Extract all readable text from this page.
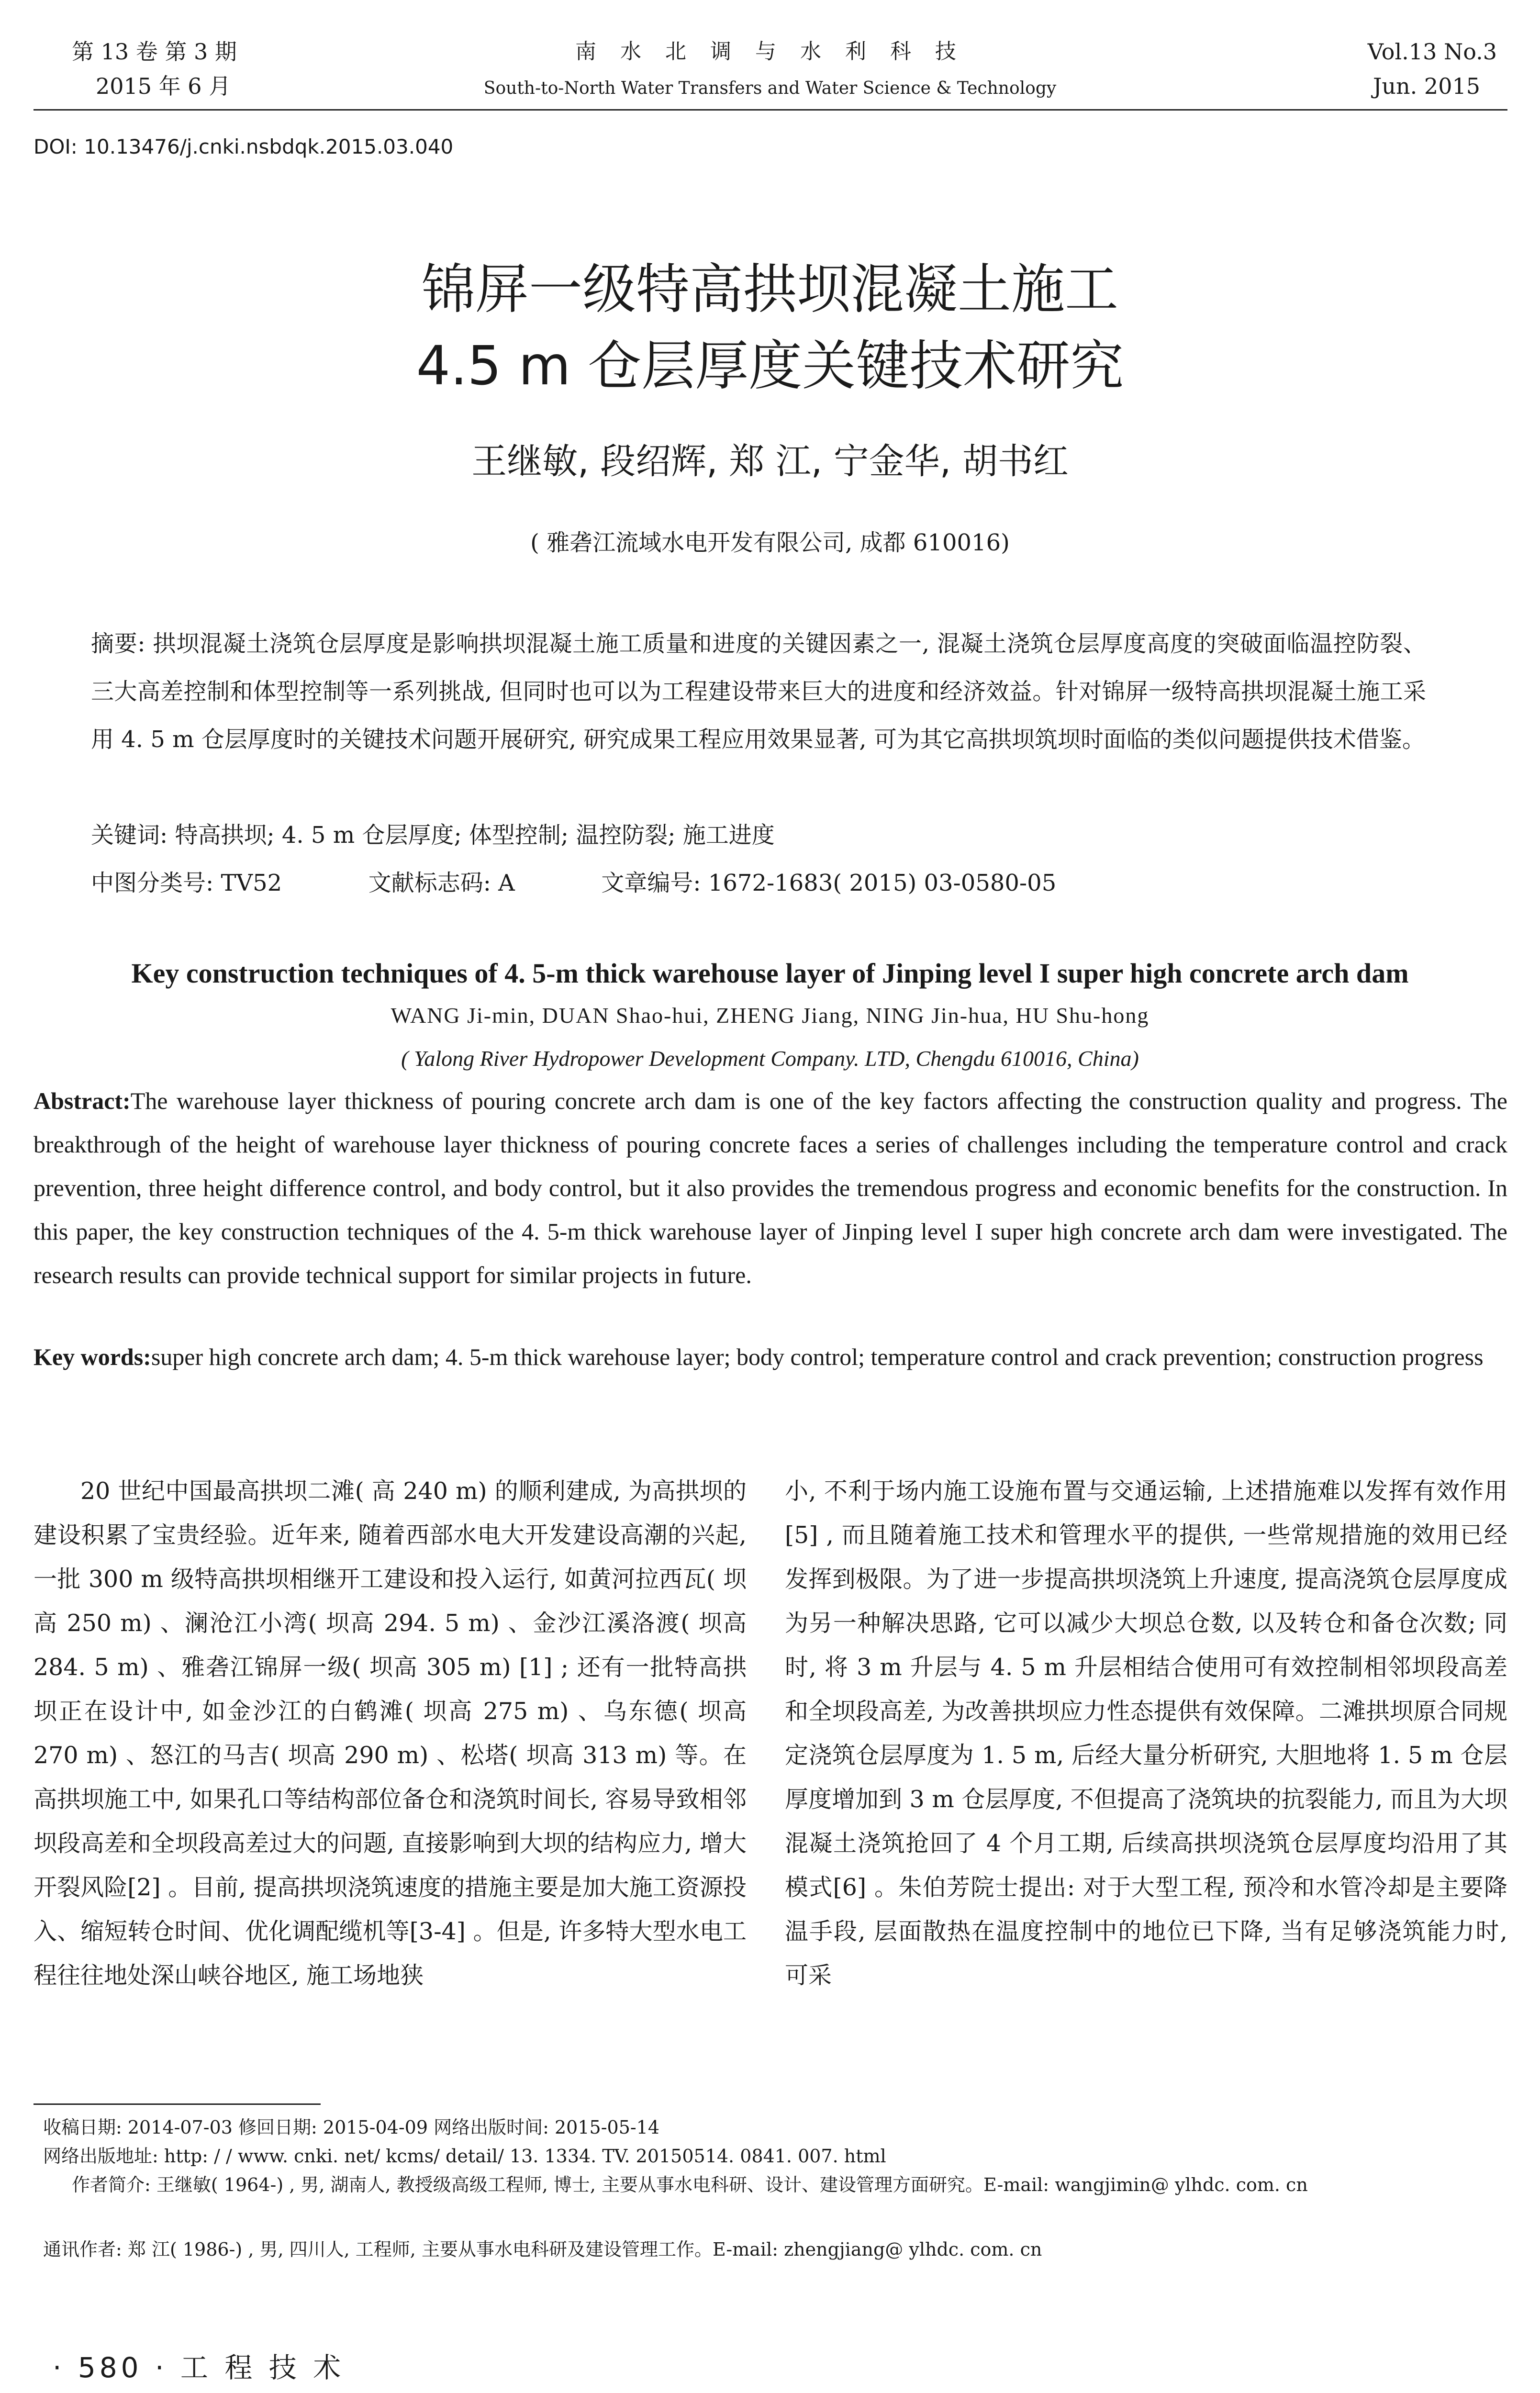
第 13 卷 第 3 期
2015 年 6 月
南 水 北 调 与 水 利 科 技
South-to-North Water Transfers and Water Science & Technology
Vol.13 No.3
Jun. 2015
DOI: 10.13476/j.cnki.nsbdqk.2015.03.040
锦屏一级特高拱坝混凝土施工
4.5 m 仓层厚度关键技术研究
王继敏, 段绍辉, 郑 江, 宁金华, 胡书红
( 雅砻江流域水电开发有限公司, 成都 610016)
摘要: 拱坝混凝土浇筑仓层厚度是影响拱坝混凝土施工质量和进度的关键因素之一, 混凝土浇筑仓层厚度高度的突破面临温控防裂、三大高差控制和体型控制等一系列挑战, 但同时也可以为工程建设带来巨大的进度和经济效益。针对锦屏一级特高拱坝混凝土施工采用 4. 5 m 仓层厚度时的关键技术问题开展研究, 研究成果工程应用效果显著, 可为其它高拱坝筑坝时面临的类似问题提供技术借鉴。
关键词: 特高拱坝; 4. 5 m 仓层厚度; 体型控制; 温控防裂; 施工进度
中图分类号: TV52	文献标志码: A	文章编号: 1672-1683( 2015) 03-0580-05
Key construction techniques of 4. 5-m thick warehouse layer of Jinping level I super high concrete arch dam
WANG Ji-min, DUAN Shao-hui, ZHENG Jiang, NING Jin-hua, HU Shu-hong
( Yalong River Hydropower Development Company. LTD, Chengdu 610016, China)
Abstract:The warehouse layer thickness of pouring concrete arch dam is one of the key factors affecting the construction quality and progress. The breakthrough of the height of warehouse layer thickness of pouring concrete faces a series of challenges including the temperature control and crack prevention, three height difference control, and body control, but it also provides the tremendous progress and economic benefits for the construction. In this paper, the key construction techniques of the 4. 5-m thick warehouse layer of Jinping level I super high concrete arch dam were investigated. The research results can provide technical support for similar projects in future.
Key words:super high concrete arch dam; 4. 5-m thick warehouse layer; body control; temperature control and crack prevention; construction progress
20 世纪中国最高拱坝二滩( 高 240 m) 的顺利建成, 为高拱坝的建设积累了宝贵经验。近年来, 随着西部水电大开发建设高潮的兴起, 一批 300 m 级特高拱坝相继开工建设和投入运行, 如黄河拉西瓦( 坝高 250 m) 、澜沧江小湾( 坝高 294. 5 m) 、金沙江溪洛渡( 坝高 284. 5 m) 、雅砻江锦屏一级( 坝高 305 m) [1] ; 还有一批特高拱坝正在设计中, 如金沙江的白鹤滩( 坝高 275 m) 、乌东德( 坝高 270 m) 、怒江的马吉( 坝高 290 m) 、松塔( 坝高 313 m) 等。在高拱坝施工中, 如果孔口等结构部位备仓和浇筑时间长, 容易导致相邻坝段高差和全坝段高差过大的问题, 直接影响到大坝的结构应力, 增大开裂风险[2] 。目前, 提高拱坝浇筑速度的措施主要是加大施工资源投入、缩短转仓时间、优化调配缆机等[3-4] 。但是, 许多特大型水电工程往往地处深山峡谷地区, 施工场地狭
小, 不利于场内施工设施布置与交通运输, 上述措施难以发挥有效作用[5] , 而且随着施工技术和管理水平的提供, 一些常规措施的效用已经发挥到极限。为了进一步提高拱坝浇筑上升速度, 提高浇筑仓层厚度成为另一种解决思路, 它可以减少大坝总仓数, 以及转仓和备仓次数; 同时, 将 3 m 升层与 4. 5 m 升层相结合使用可有效控制相邻坝段高差和全坝段高差, 为改善拱坝应力性态提供有效保障。二滩拱坝原合同规定浇筑仓层厚度为 1. 5 m, 后经大量分析研究, 大胆地将 1. 5 m 仓层厚度增加到 3 m 仓层厚度, 不但提高了浇筑块的抗裂能力, 而且为大坝混凝土浇筑抢回了 4 个月工期, 后续高拱坝浇筑仓层厚度均沿用了其模式[6] 。朱伯芳院士提出: 对于大型工程, 预冷和水管冷却是主要降温手段, 层面散热在温度控制中的地位已下降, 当有足够浇筑能力时, 可采
收稿日期: 2014-07-03 修回日期: 2015-04-09 网络出版时间: 2015-05-14
网络出版地址: http: / / www. cnki. net/ kcms/ detail/ 13. 1334. TV. 20150514. 0841. 007. html
作者简介: 王继敏( 1964-) , 男, 湖南人, 教授级高级工程师, 博士, 主要从事水电科研、设计、建设管理方面研究。E-mail: wangjimin@ ylhdc. com. cn
通讯作者: 郑 江( 1986-) , 男, 四川人, 工程师, 主要从事水电科研及建设管理工作。E-mail: zhengjiang@ ylhdc. com. cn
· 580 · 工 程 技 术
